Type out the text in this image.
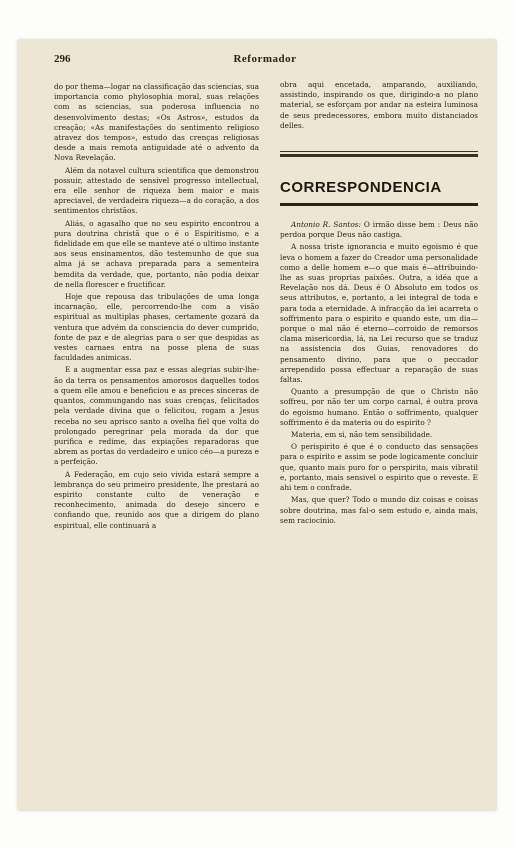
296	Reformador

do por thema—logar na classificação das sciencias, sua importancia como phylosophia moral, suas relações com as sciencias, sua poderosa influencia no desenvolvimento destas; «Os Astros», estudos da creação; «As manifestações do sentimento religioso atravez dos tempos», estudo das crenças religiosas desde a mais remota antiguidade até o advento da Nova Revelação.

Além da notavel cultura scientifica que demonstrou possuir, attestado de sensivel progresso intellectual, era elle senhor de riqueza bem maior e mais apreciavel, de verdadeira riqueza—a do coração, a dos sentimentos christãos.

Aliás, o agasalho que no seu espirito encontrou a pura doutrina christã que o é o Espiritismo, e a fidelidade em que elle se manteve até o ultimo instante aos seus ensinamentos, dão testemunho de que sua alma já se achava preparada para a sementeira bemdita da verdade, que, portanto, não podia deixar de nella florescer e fructificar.

Hoje que repousa das tribulações de uma longa incarnação, elle, percorrendo-lhe com a visão espiritual as multiplas phases, certamente gozará da ventura que advém da consciencia do dever cumprido, fonte de paz e de alegrias para o ser que despidas as vestes carnaes entra na posse plena de suas faculdades animicas.

E a augmentar essa paz e essas alegrias subir-lhe-ão da terra os pensamentos amorosos daquelles todos a quem elle amou e beneficiou e as preces sinceras de quantos, commungando nas suas crenças, felicitados pela verdade divina que o felicitou, rogam a Jesus receba no seu aprisco santo a ovelha fiel que volta do prolongado peregrinar pela morada da dor que purifica e redime, das expiações reparadoras que abrem as portas do verdadeiro e unico céo—a pureza e a perfeição.

A Federação, em cujo seio vivida estará sempre a lembrança do seu primeiro presidente, lhe prestará ao espirito constante culto de veneração e reconhecimento, animada do desejo sincero e confiando que, reunido aos que a dirigem do plano espiritual, elle continuará a

obra aqui encetada, amparando, auxiliando, assistindo, inspirando os que, dirigindo-a no plano material, se esforçam por andar na esteira luminosa de seus predecessores, embora muito distanciados delles.

CORRESPONDENCIA

Antonio R. Santos: O irmão disse bem : Deus não perdoa porque Deus não castiga.

A nossa triste ignorancia e muito egoismo é que leva o homem a fazer do Creador uma personalidade como a delle homem e—o que mais é—attribuindo-lhe as suas proprias paixões. Outra, a idéa que a Revelação nos dá. Deus é O Absoluto em todos os seus attributos, e, portanto, a lei integral de toda e para toda a eternidade. A infracção da lei acarreta o soffrimento para o espirito e quando este, um dia—porque o mal não é eterno—corroido de remorsos clama misericordia, lá, na Lei recurso que se traduz na assistencia dos Guias, renovadores do pensamento divino, para que o peccador arrependido possa effectuar a reparação de suas faltas.

Quanto a presumpção de que o Christo não soffreu, por não ter um corpo carnal, é outra prova do egoismo humano. Então o soffrimento, qualquer soffrimento é da materia ou do espirito ?

Materia, em si, não tem sensibilidade.

O perispirito é que é o conducto das sensações para o espirito e assim se pode logicamente concluir que, quanto mais puro for o perspirito, mais vibratil e, portanto, mais sensivel o espirito que o reveste. E ahi tem o confrade.

Mas, que quer? Todo o mundo diz coisas e coisas sobre doutrina, mas fal-o sem estudo e, ainda mais, sem raciocinio.
